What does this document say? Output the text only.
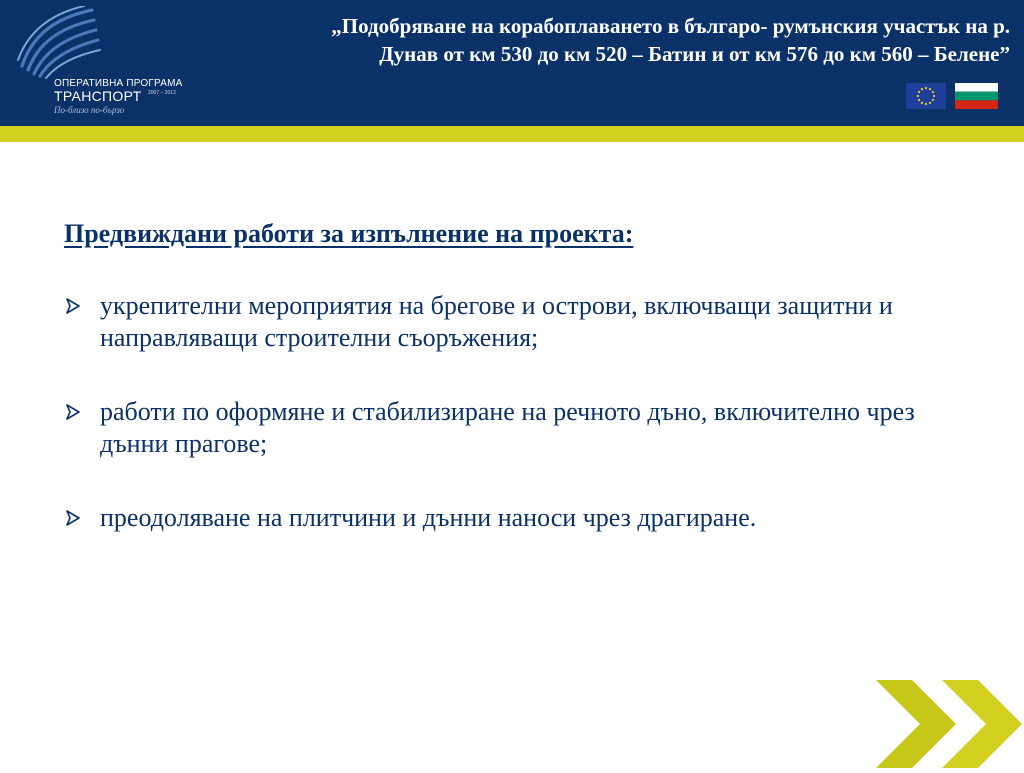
ОПЕРАТИВНА ПРОГРАМА
ТРАНСПОРТ 2007 – 2013
По-близо по-бързо
„Подобряване на корабоплаването в българо- румънския участък на р.
Дунав от км 530 до км 520 – Батин и от км 576 до км 560 – Белене”
Предвиждани работи за изпълнение на проекта:
укрепителни мероприятия на брегове и острови, включващи защитни и направляващи строителни съоръжения;
работи по оформяне и стабилизиране на речното дъно, включително чрез дънни прагове;
преодоляване на плитчини и дънни наноси чрез драгиране.
